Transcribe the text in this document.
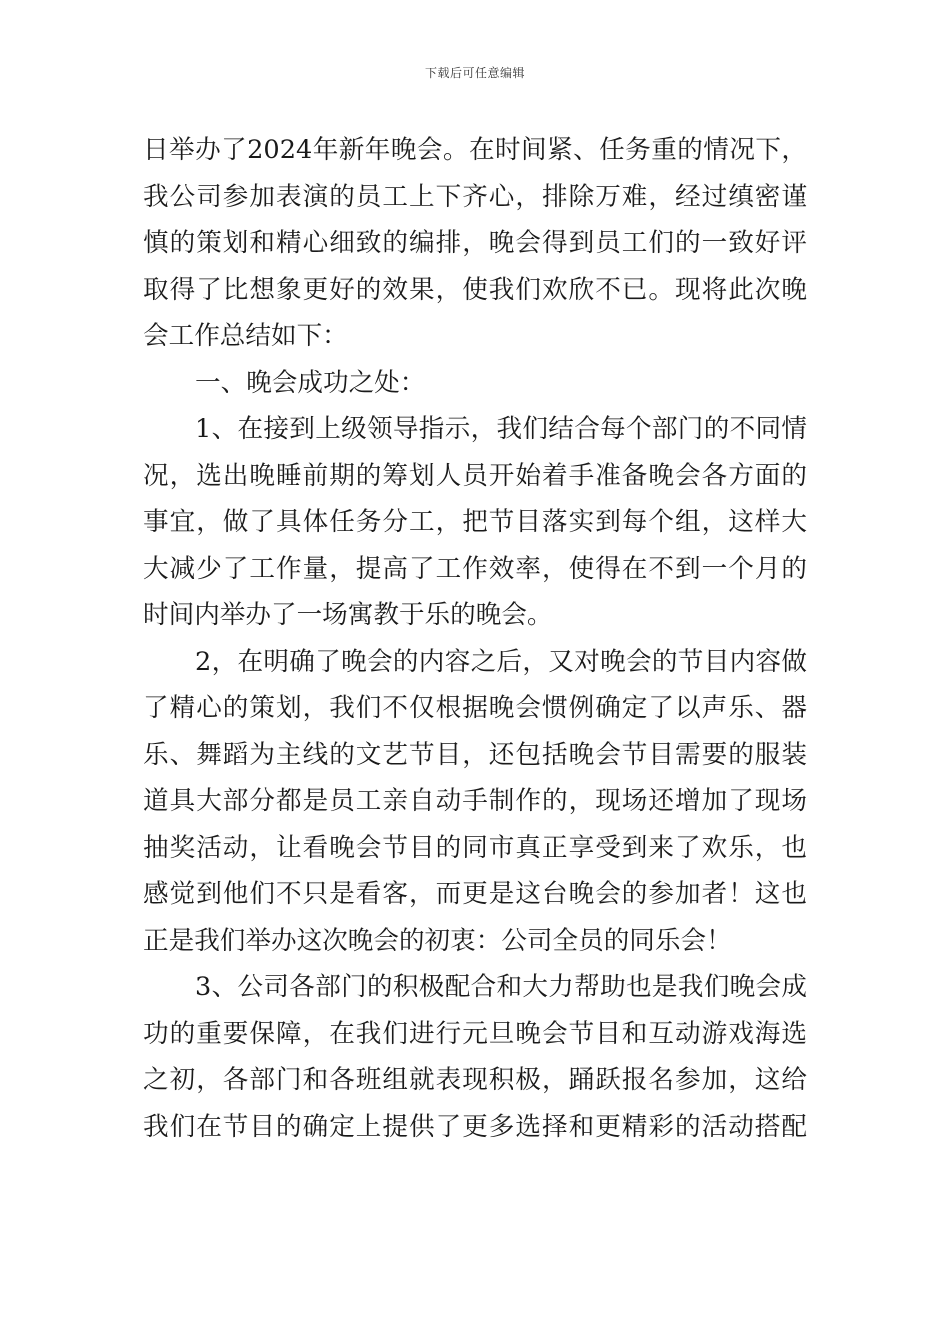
下载后可任意编辑
日举办了2024年新年晚会。在时间紧、任务重的情况下，
我公司参加表演的员工上下齐心，排除万难，经过缜密谨
慎的策划和精心细致的编排，晚会得到员工们的一致好评
取得了比想象更好的效果，使我们欢欣不已。现将此次晚
会工作总结如下：
一、晚会成功之处：
1、在接到上级领导指示，我们结合每个部门的不同情
况，选出晚睡前期的筹划人员开始着手准备晚会各方面的
事宜，做了具体任务分工，把节目落实到每个组，这样大
大减少了工作量，提高了工作效率，使得在不到一个月的
时间内举办了一场寓教于乐的晚会。
2，在明确了晚会的内容之后，又对晚会的节目内容做
了精心的策划，我们不仅根据晚会惯例确定了以声乐、器
乐、舞蹈为主线的文艺节目，还包括晚会节目需要的服装
道具大部分都是员工亲自动手制作的，现场还增加了现场
抽奖活动，让看晚会节目的同市真正享受到来了欢乐，也
感觉到他们不只是看客，而更是这台晚会的参加者！这也
正是我们举办这次晚会的初衷：公司全员的同乐会！
3、公司各部门的积极配合和大力帮助也是我们晚会成
功的重要保障，在我们进行元旦晚会节目和互动游戏海选
之初，各部门和各班组就表现积极，踊跃报名参加，这给
我们在节目的确定上提供了更多选择和更精彩的活动搭配
